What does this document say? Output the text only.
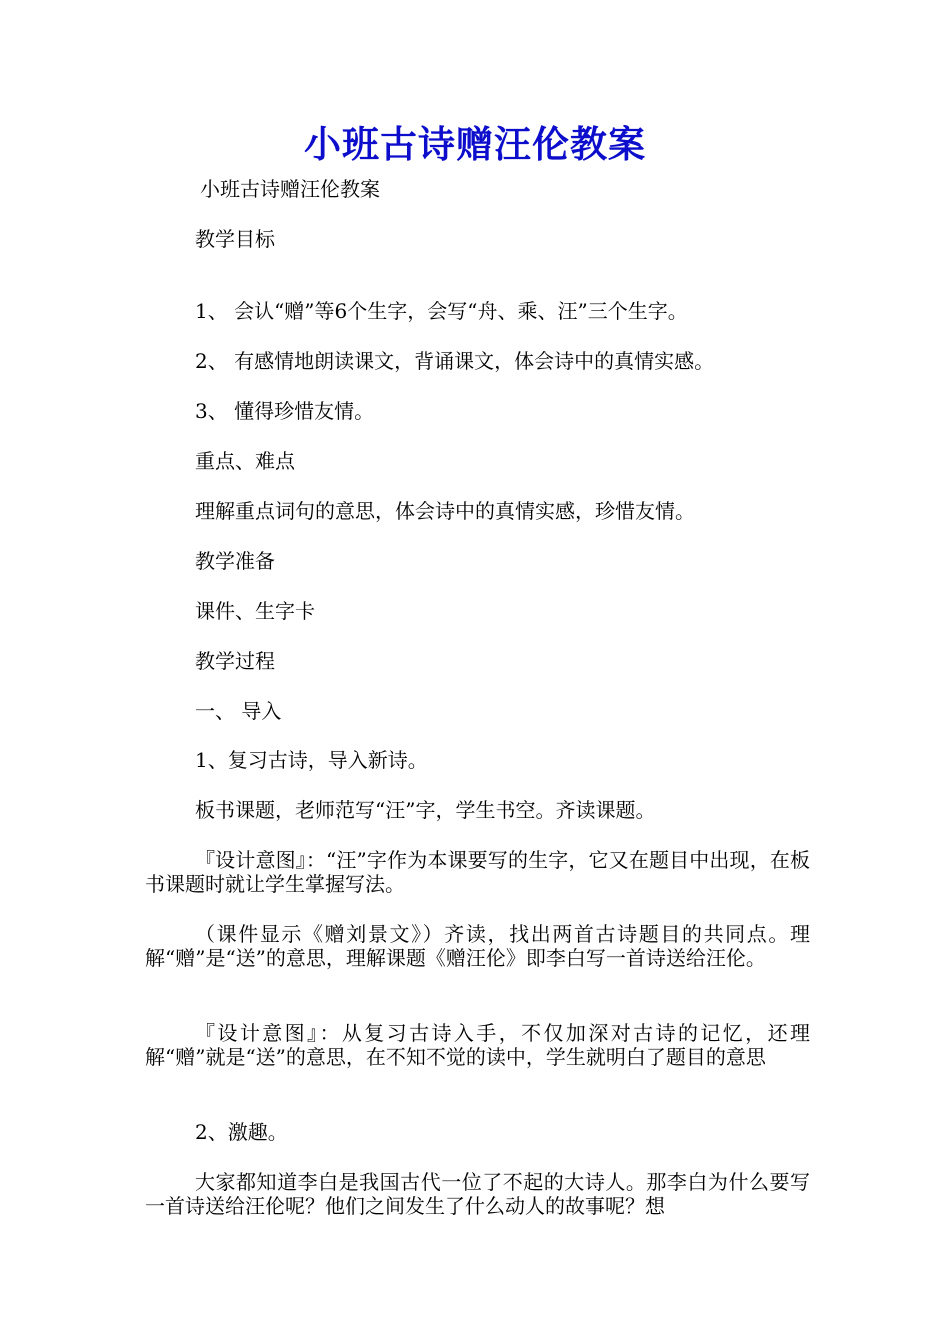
小班古诗赠汪伦教案
小班古诗赠汪伦教案
教学目标
1、 会认“赠”等6个生字，会写“舟、乘、汪”三个生字。
2、 有感情地朗读课文，背诵课文，体会诗中的真情实感。
3、 懂得珍惜友情。
重点、难点
理解重点词句的意思，体会诗中的真情实感，珍惜友情。
教学准备
课件、生字卡
教学过程
一、 导入
1、复习古诗，导入新诗。
板书课题，老师范写“汪”字，学生书空。齐读课题。
『设计意图』：“汪”字作为本课要写的生字，它又在题目中出现，在板书课题时就让学生掌握写法。
（课件显示《赠刘景文》）齐读，找出两首古诗题目的共同点。理解“赠”是“送”的意思，理解课题《赠汪伦》即李白写一首诗送给汪伦。
『设计意图』：从复习古诗入手，不仅加深对古诗的记忆，还理解“赠”就是“送”的意思，在不知不觉的读中，学生就明白了题目的意思
2、激趣。
大家都知道李白是我国古代一位了不起的大诗人。那李白为什么要写一首诗送给汪伦呢？他们之间发生了什么动人的故事呢？想
